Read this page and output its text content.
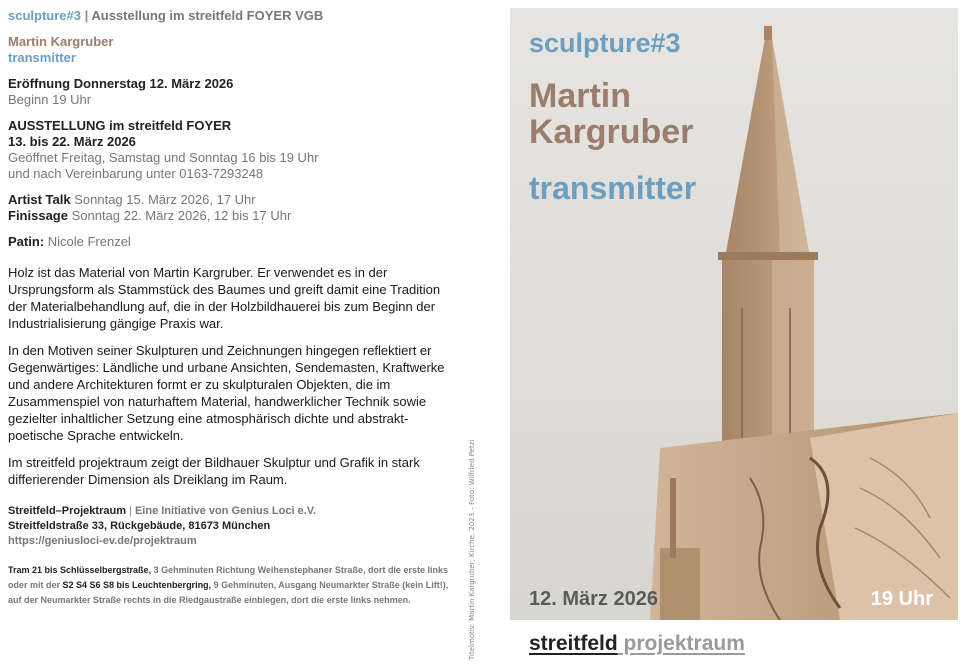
sculpture#3 | Ausstellung im streitfeld FOYER VGB
Martin Kargruber
transmitter
Eröffnung Donnerstag 12. März 2026
Beginn 19 Uhr
AUSSTELLUNG im streitfeld FOYER
13. bis 22. März 2026
Geöffnet Freitag, Samstag und Sonntag 16 bis 19 Uhr
und nach Vereinbarung unter 0163-7293248
Artist Talk Sonntag 15. März 2026, 17 Uhr
Finissage Sonntag 22. März 2026, 12 bis 17 Uhr
Patin: Nicole Frenzel

Holz ist das Material von Martin Kargruber. Er verwendet es in der Ursprungsform als Stammstück des Baumes und greift damit eine Tradition der Materialbehandlung auf, die in der Holzbildhauerei bis zum Beginn der Industrialisierung gängige Praxis war.

In den Motiven seiner Skulpturen und Zeichnungen hingegen reflektiert er Gegenwärtiges: Ländliche und urbane Ansichten, Sendemasten, Kraftwerke und andere Architekturen formt er zu skulpturalen Objekten, die im Zusammenspiel von naturhaftem Material, handwerklicher Technik sowie gezielter inhaltlicher Setzung eine atmosphärisch dichte und abstrakt-poetische Sprache entwickeln.

Im streitfeld projektraum zeigt der Bildhauer Skulptur und Grafik in stark differierender Dimension als Dreiklang im Raum.

Streitfeld–Projektraum | Eine Initiative von Genius Loci e.V.
Streitfeldstraße 33, Rückgebäude, 81673 München
https://geniusloci-ev.de/projektraum
Tram 21 bis Schlüsselbergstraße, 3 Gehminuten Richtung Weihenstephaner Straße, dort die erste links oder mit der S2 S4 S6 S8 bis Leuchtenbergring, 9 Gehminuten, Ausgang Neumarkter Straße (kein Lift!), auf der Neumarkter Straße rechts in die Riedgaustraße einbiegen, dort die erste links nehmen.	Titelmotiv: Martin Kargruber, Kirche, 2023 – Foto: Wilfried Petzi
sculpture#3
Martin
Kargruber
transmitter
12. März 2026	19 Uhr
streitfeld projektraum
